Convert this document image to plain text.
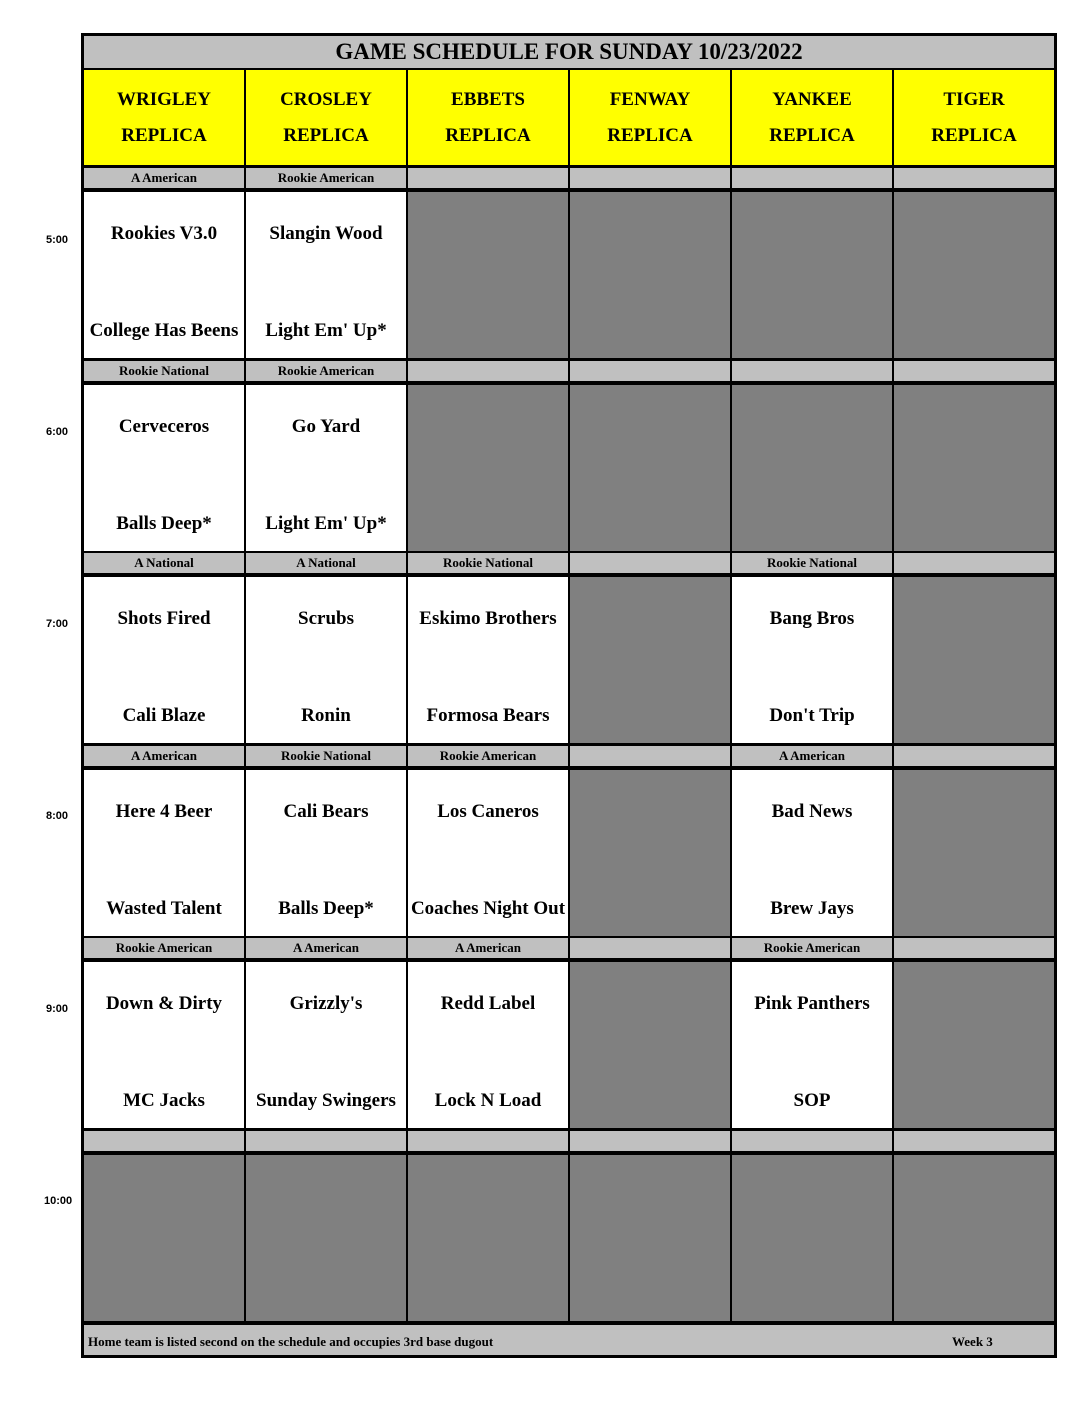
5:00
6:00
7:00
8:00
9:00
10:00
GAME SCHEDULE FOR SUNDAY 10/23/2022
WRIGLEY
REPLICA
CROSLEY
REPLICA
EBBETS
REPLICA
FENWAY
REPLICA
YANKEE
REPLICA
TIGER
REPLICA
A American
Rookies V3.0
College Has Beens
Rookie American
Slangin Wood
Light Em' Up*
Rookie National
Cerveceros
Balls Deep*
Rookie American
Go Yard
Light Em' Up*
A National
Shots Fired
Cali Blaze
A National
Scrubs
Ronin
Rookie National
Eskimo Brothers
Formosa Bears
Rookie National
Bang Bros
Don't Trip
A American
Here 4 Beer
Wasted Talent
Rookie National
Cali Bears
Balls Deep*
Rookie American
Los Caneros
Coaches Night Out
A American
Bad News
Brew Jays
Rookie American
Down & Dirty
MC Jacks
A American
Grizzly's
Sunday Swingers
A American
Redd Label
Lock N Load
Rookie American
Pink Panthers
SOP
Home team is listed second on the schedule and occupies 3rd base dugout	Week 3
